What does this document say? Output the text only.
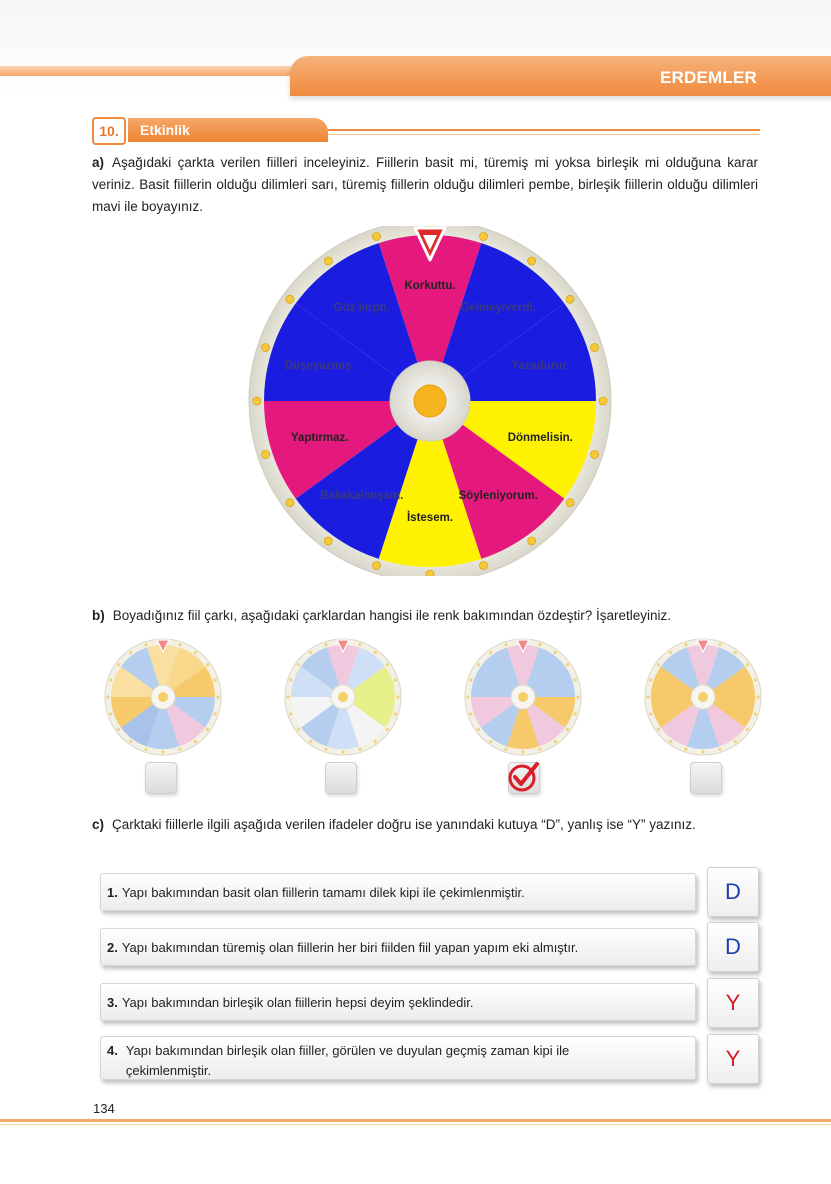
ERDEMLER
Etkinlik
10.
a) Aşağıdaki çarkta verilen fiilleri inceleyiniz. Fiillerin basit mi, türemiş mi yoksa birleşik mi olduğuna karar veriniz. Basit fiillerin olduğu dilimleri sarı, türemiş fiillerin olduğu dilimleri pembe, birleşik fiillerin olduğu dilimleri mavi ile boyayınız.
Korkuttu.
Gelmeyiverdi.
Yazadurur.
Dönmelisin.
Söyleniyorum.
İstesem.
Bakakalmışsın.
Yaptırmaz.
Düşeyazmış.
Göz kırptı.
b) Boyadığınız fiil çarkı, aşağıdaki çarklardan hangisi ile renk bakımından özdeştir? İşaretleyiniz.
c) Çarktaki fiillerle ilgili aşağıda verilen ifadeler doğru ise yanındaki kutuya “D”, yanlış ise “Y” yazınız.
1. Yapı bakımından basit olan fiillerin tamamı dilek kipi ile çekimlenmiştir.	D
2. Yapı bakımından türemiş olan fiillerin her biri fiilden fiil yapan yapım eki almıştır.	D
3. Yapı bakımından birleşik olan fiillerin hepsi deyim şeklindedir.	Y
4. Yapı bakımından birleşik olan fiiller, görülen ve duyulan geçmiş zaman kipi ile çekimlenmiştir.	Y
134
